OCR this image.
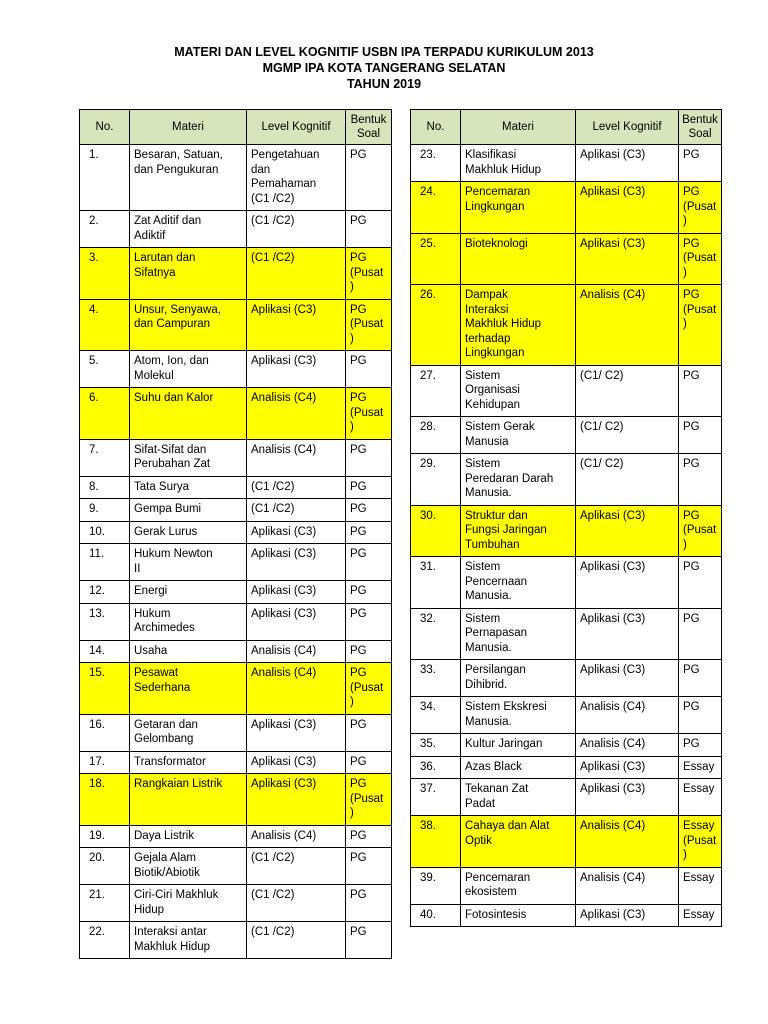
MATERI DAN LEVEL KOGNITIF USBN IPA TERPADU KURIKULUM 2013
MGMP IPA KOTA TANGERANG SELATAN
TAHUN 2019
No.	Materi	Level Kognitif	Bentuk
Soal
1.	Besaran, Satuan,
dan Pengukuran	Pengetahuan
dan
Pemahaman
(C1 /C2)	PG
2.	Zat Aditif dan
Adiktif	(C1 /C2)	PG
3.	Larutan dan
Sifatnya	(C1 /C2)	PG
(Pusat)
4.	Unsur, Senyawa,
dan Campuran	Aplikasi (C3)	PG
(Pusat)
5.	Atom, Ion, dan
Molekul	Aplikasi (C3)	PG
6.	Suhu dan Kalor	Analisis (C4)	PG
(Pusat)
7.	Sifat-Sifat dan
Perubahan Zat	Analisis (C4)	PG
8.	Tata Surya	(C1 /C2)	PG
9.	Gempa Bumi	(C1 /C2)	PG
10.	Gerak Lurus	Aplikasi (C3)	PG
11.	Hukum Newton
II	Aplikasi (C3)	PG
12.	Energi	Aplikasi (C3)	PG
13.	Hukum
Archimedes	Aplikasi (C3)	PG
14.	Usaha	Analisis (C4)	PG
15.	Pesawat
Sederhana	Analisis (C4)	PG
(Pusat)
16.	Getaran dan
Gelombang	Aplikasi (C3)	PG
17.	Transformator	Aplikasi (C3)	PG
18.	Rangkaian Listrik	Aplikasi (C3)	PG
(Pusat)
19.	Daya Listrik	Analisis (C4)	PG
20.	Gejala Alam
Biotik/Abiotik	(C1 /C2)	PG
21.	Ciri-Ciri Makhluk
Hidup	(C1 /C2)	PG
22.	Interaksi antar
Makhluk Hidup	(C1 /C2)	PG
No.	Materi	Level Kognitif	Bentuk
Soal
23.	Klasifikasi
Makhluk Hidup	Aplikasi (C3)	PG
24.	Pencemaran
Lingkungan	Aplikasi (C3)	PG
(Pusat)
25.	Bioteknologi	Aplikasi (C3)	PG
(Pusat)
26.	Dampak
Interaksi
Makhluk Hidup
terhadap
Lingkungan	Analisis (C4)	PG
(Pusat)
27.	Sistem
Organisasi
Kehidupan	(C1/ C2)	PG
28.	Sistem Gerak
Manusia	(C1/ C2)	PG
29.	Sistem
Peredaran Darah
Manusia.	(C1/ C2)	PG
30.	Struktur dan
Fungsi Jaringan
Tumbuhan	Aplikasi (C3)	PG
(Pusat)
31.	Sistem
Pencernaan
Manusia.	Aplikasi (C3)	PG
32.	Sistem
Pernapasan
Manusia.	Aplikasi (C3)	PG
33.	Persilangan
Dihibrid.	Aplikasi (C3)	PG
34.	Sistem Ekskresi
Manusia.	Analisis (C4)	PG
35.	Kultur Jaringan	Analisis (C4)	PG
36.	Azas Black	Aplikasi (C3)	Essay
37.	Tekanan Zat
Padat	Aplikasi (C3)	Essay
38.	Cahaya dan Alat
Optik	Analisis (C4)	Essay
(Pusat)
39.	Pencemaran
ekosistem	Analisis (C4)	Essay
40.	Fotosintesis	Aplikasi (C3)	Essay
